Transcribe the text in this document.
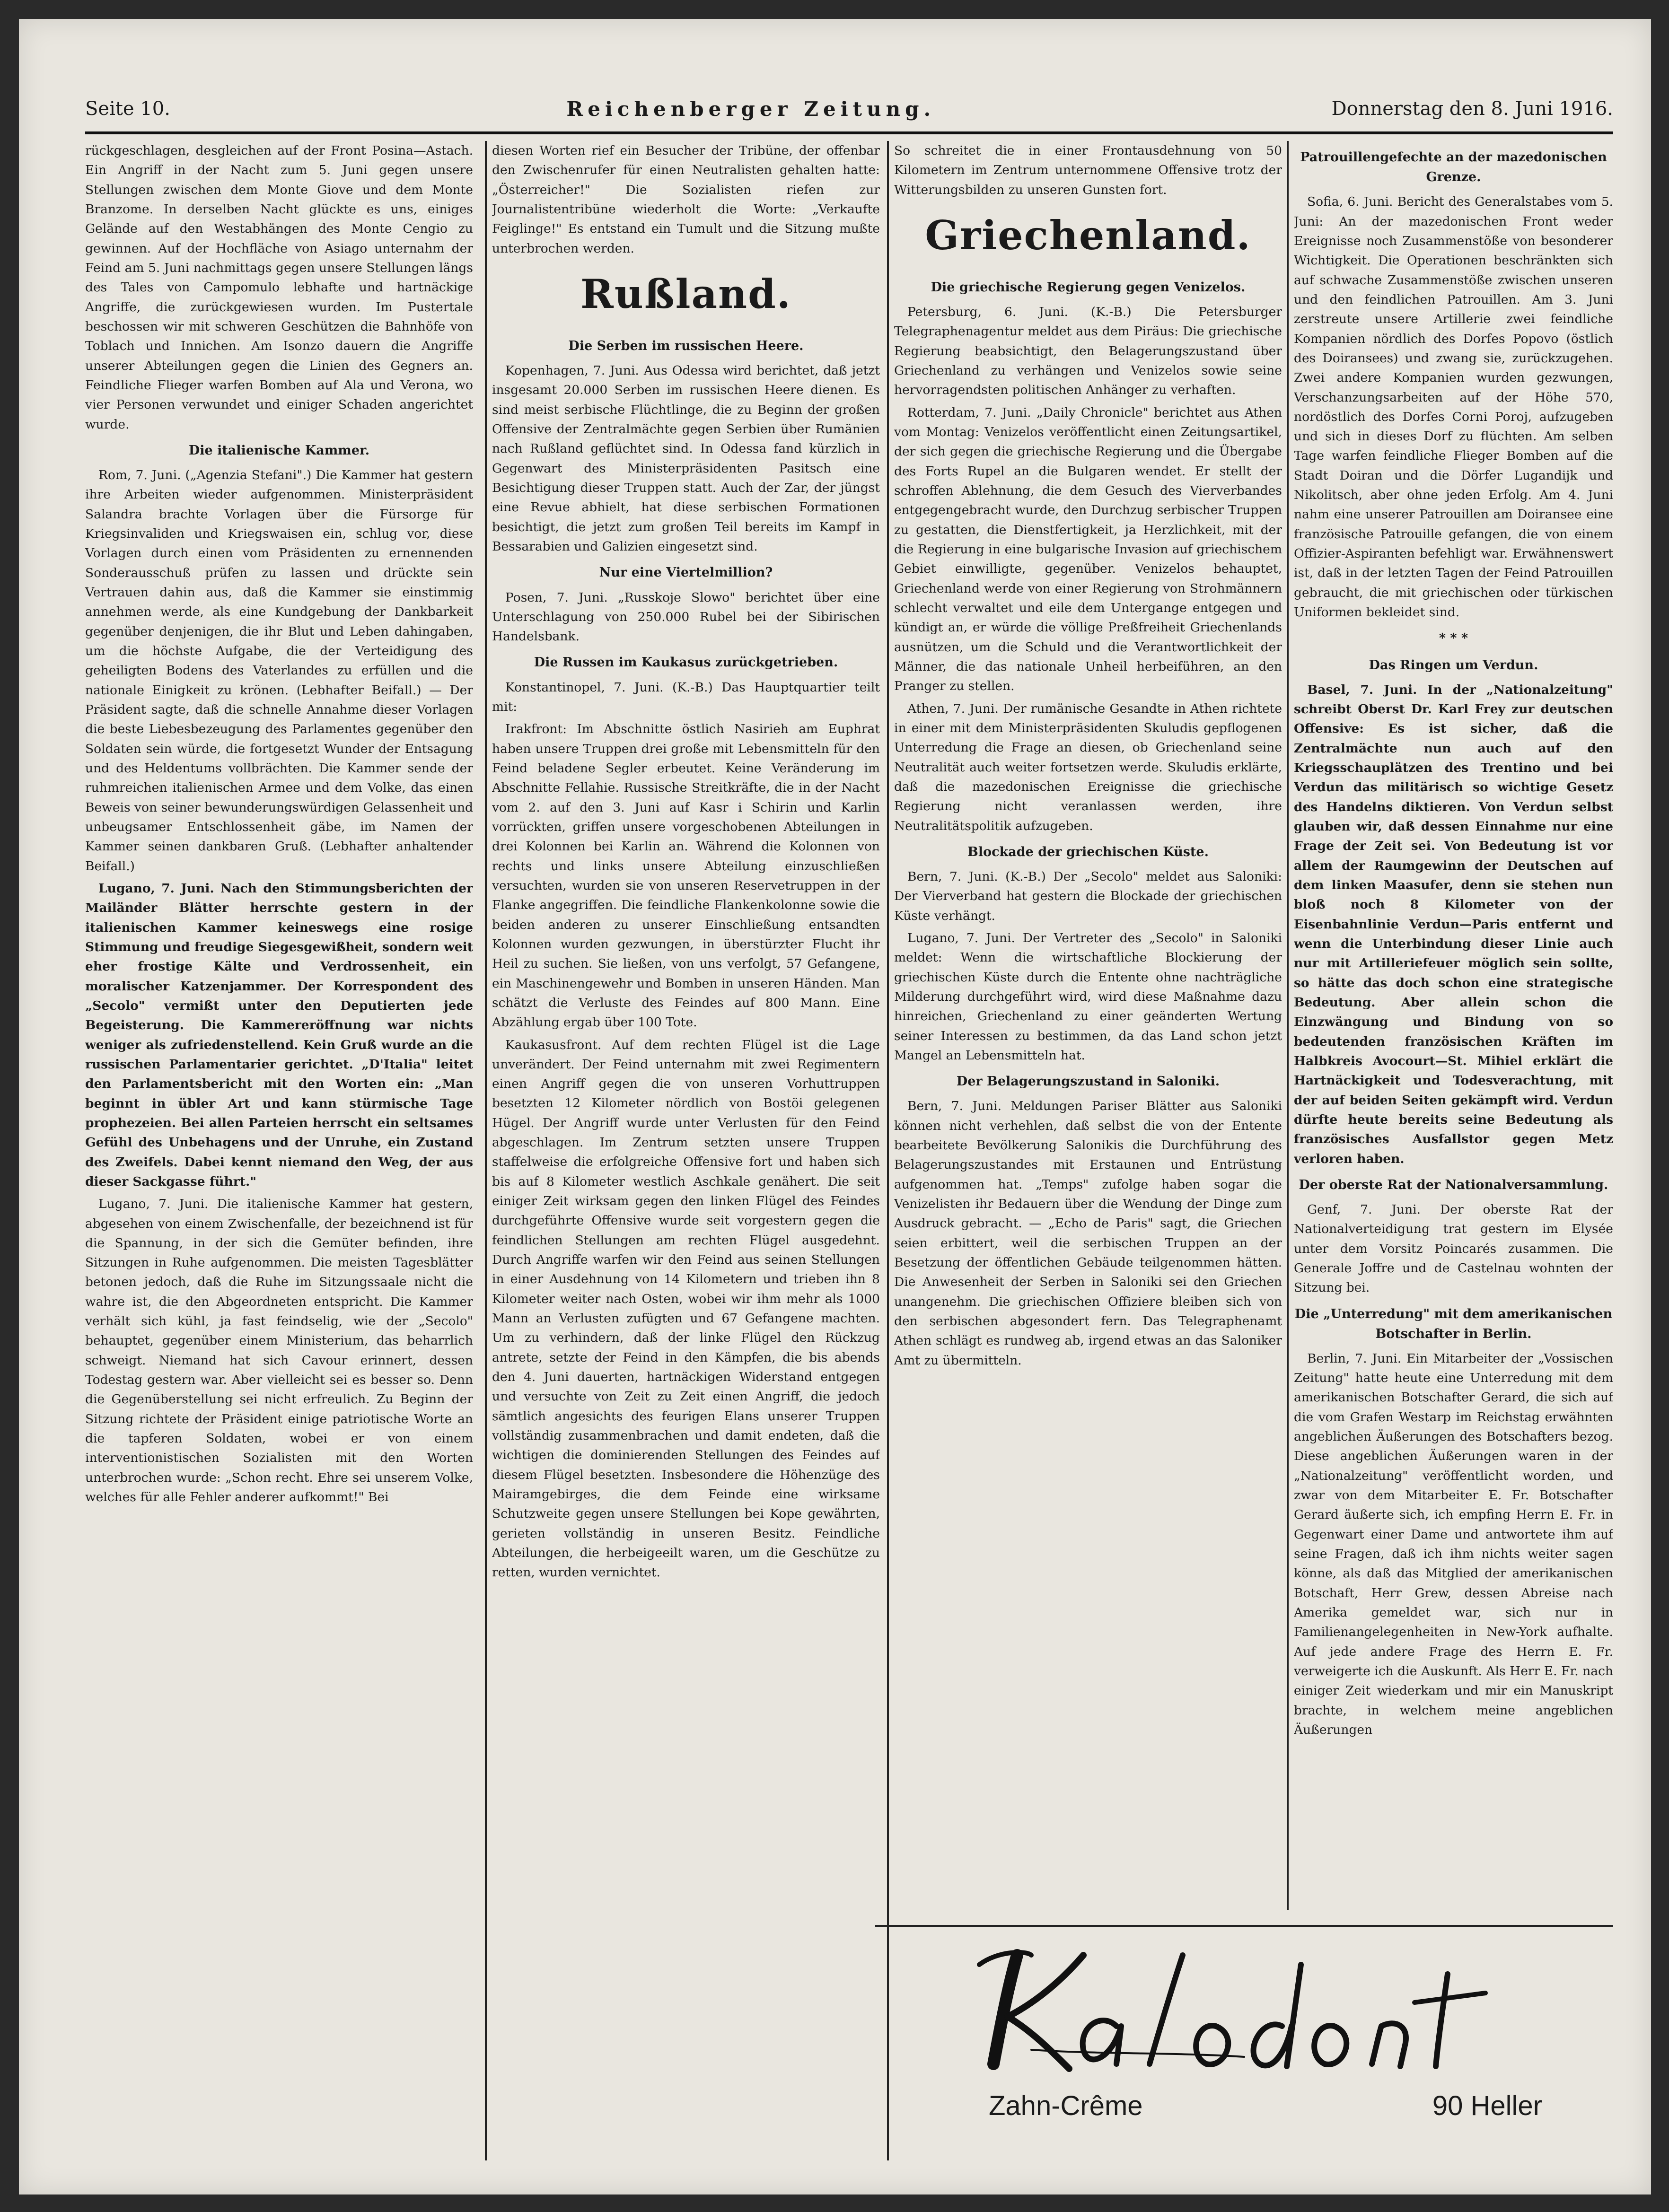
Seite 10.	Reichenberger Zeitung.	Donnerstag den 8. Juni 1916.

rückgeschlagen, desgleichen auf der Front Posina—Astach. Ein Angriff in der Nacht zum 5. Juni gegen unsere Stellungen zwischen dem Monte Giove und dem Monte Branzome. In derselben Nacht glückte es uns, einiges Gelände auf den Westabhängen des Monte Cengio zu gewinnen. Auf der Hochfläche von Asiago unternahm der Feind am 5. Juni nachmittags gegen unsere Stellungen längs des Tales von Campomulo lebhafte und hartnäckige Angriffe, die zurückgewiesen wurden. Im Pustertale beschossen wir mit schweren Geschützen die Bahnhöfe von Toblach und Innichen. Am Isonzo dauern die Angriffe unserer Abteilungen gegen die Linien des Gegners an. Feindliche Flieger warfen Bomben auf Ala und Verona, wo vier Personen verwundet und einiger Schaden angerichtet wurde.

Die italienische Kammer.

Rom, 7. Juni. („Agenzia Stefani".) Die Kammer hat gestern ihre Arbeiten wieder aufgenommen. Ministerpräsident Salandra brachte Vorlagen über die Fürsorge für Kriegsinvaliden und Kriegswaisen ein, schlug vor, diese Vorlagen durch einen vom Präsidenten zu ernennenden Sonderausschuß prüfen zu lassen und drückte sein Vertrauen dahin aus, daß die Kammer sie einstimmig annehmen werde, als eine Kundgebung der Dankbarkeit gegenüber denjenigen, die ihr Blut und Leben dahingaben, um die höchste Aufgabe, die der Verteidigung des geheiligten Bodens des Vaterlandes zu erfüllen und die nationale Einigkeit zu krönen. (Lebhafter Beifall.) — Der Präsident sagte, daß die schnelle Annahme dieser Vorlagen die beste Liebesbezeugung des Parlamentes gegenüber den Soldaten sein würde, die fortgesetzt Wunder der Entsagung und des Heldentums vollbrächten. Die Kammer sende der ruhmreichen italienischen Armee und dem Volke, das einen Beweis von seiner bewunderungswürdigen Gelassenheit und unbeugsamer Entschlossenheit gäbe, im Namen der Kammer seinen dankbaren Gruß. (Lebhafter anhaltender Beifall.)

Lugano, 7. Juni. Nach den Stimmungsberichten der Mailänder Blätter herrschte gestern in der italienischen Kammer keineswegs eine rosige Stimmung und freudige Siegesgewißheit, sondern weit eher frostige Kälte und Verdrossenheit, ein moralischer Katzenjammer. Der Korrespondent des „Secolo" vermißt unter den Deputierten jede Begeisterung. Die Kammereröffnung war nichts weniger als zufriedenstellend. Kein Gruß wurde an die russischen Parlamentarier gerichtet. „D'Italia" leitet den Parlamentsbericht mit den Worten ein: „Man beginnt in übler Art und kann stürmische Tage prophezeien. Bei allen Parteien herrscht ein seltsames Gefühl des Unbehagens und der Unruhe, ein Zustand des Zweifels. Dabei kennt niemand den Weg, der aus dieser Sackgasse führt."

Lugano, 7. Juni. Die italienische Kammer hat gestern, abgesehen von einem Zwischenfalle, der bezeichnend ist für die Spannung, in der sich die Gemüter befinden, ihre Sitzungen in Ruhe aufgenommen. Die meisten Tagesblätter betonen jedoch, daß die Ruhe im Sitzungssaale nicht die wahre ist, die den Abgeordneten entspricht. Die Kammer verhält sich kühl, ja fast feindselig, wie der „Secolo" behauptet, gegenüber einem Ministerium, das beharrlich schweigt. Niemand hat sich Cavour erinnert, dessen Todestag gestern war. Aber vielleicht sei es besser so. Denn die Gegenüberstellung sei nicht erfreulich. Zu Beginn der Sitzung richtete der Präsident einige patriotische Worte an die tapferen Soldaten, wobei er von einem interventionistischen Sozialisten mit den Worten unterbrochen wurde: „Schon recht. Ehre sei unserem Volke, welches für alle Fehler anderer aufkommt!" Bei

diesen Worten rief ein Besucher der Tribüne, der offenbar den Zwischenrufer für einen Neutralisten gehalten hatte: „Österreicher!" Die Sozialisten riefen zur Journalistentribüne wiederholt die Worte: „Verkaufte Feiglinge!" Es entstand ein Tumult und die Sitzung mußte unterbrochen werden.

Rußland.
Die Serben im russischen Heere.

Kopenhagen, 7. Juni. Aus Odessa wird berichtet, daß jetzt insgesamt 20.000 Serben im russischen Heere dienen. Es sind meist serbische Flüchtlinge, die zu Beginn der großen Offensive der Zentralmächte gegen Serbien über Rumänien nach Rußland geflüchtet sind. In Odessa fand kürzlich in Gegenwart des Ministerpräsidenten Pasitsch eine Besichtigung dieser Truppen statt. Auch der Zar, der jüngst eine Revue abhielt, hat diese serbischen Formationen besichtigt, die jetzt zum großen Teil bereits im Kampf in Bessarabien und Galizien eingesetzt sind.

Nur eine Viertelmillion?

Posen, 7. Juni. „Russkoje Slowo" berichtet über eine Unterschlagung von 250.000 Rubel bei der Sibirischen Handelsbank.

Die Russen im Kaukasus zurückgetrieben.

Konstantinopel, 7. Juni. (K.-B.) Das Hauptquartier teilt mit:

Irakfront: Im Abschnitte östlich Nasirieh am Euphrat haben unsere Truppen drei große mit Lebensmitteln für den Feind beladene Segler erbeutet. Keine Veränderung im Abschnitte Fellahie. Russische Streitkräfte, die in der Nacht vom 2. auf den 3. Juni auf Kasr i Schirin und Karlin vorrückten, griffen unsere vorgeschobenen Abteilungen in drei Kolonnen bei Karlin an. Während die Kolonnen von rechts und links unsere Abteilung einzuschließen versuchten, wurden sie von unseren Reservetruppen in der Flanke angegriffen. Die feindliche Flankenkolonne sowie die beiden anderen zu unserer Einschließung entsandten Kolonnen wurden gezwungen, in überstürzter Flucht ihr Heil zu suchen. Sie ließen, von uns verfolgt, 57 Gefangene, ein Maschinengewehr und Bomben in unseren Händen. Man schätzt die Verluste des Feindes auf 800 Mann. Eine Abzählung ergab über 100 Tote.

Kaukasusfront. Auf dem rechten Flügel ist die Lage unverändert. Der Feind unternahm mit zwei Regimentern einen Angriff gegen die von unseren Vorhuttruppen besetzten 12 Kilometer nördlich von Bostöi gelegenen Hügel. Der Angriff wurde unter Verlusten für den Feind abgeschlagen. Im Zentrum setzten unsere Truppen staffelweise die erfolgreiche Offensive fort und haben sich bis auf 8 Kilometer westlich Aschkale genähert. Die seit einiger Zeit wirksam gegen den linken Flügel des Feindes durchgeführte Offensive wurde seit vorgestern gegen die feindlichen Stellungen am rechten Flügel ausgedehnt. Durch Angriffe warfen wir den Feind aus seinen Stellungen in einer Ausdehnung von 14 Kilometern und trieben ihn 8 Kilometer weiter nach Osten, wobei wir ihm mehr als 1000 Mann an Verlusten zufügten und 67 Gefangene machten. Um zu verhindern, daß der linke Flügel den Rückzug antrete, setzte der Feind in den Kämpfen, die bis abends den 4. Juni dauerten, hartnäckigen Widerstand entgegen und versuchte von Zeit zu Zeit einen Angriff, die jedoch sämtlich angesichts des feurigen Elans unserer Truppen vollständig zusammenbrachen und damit endeten, daß die wichtigen die dominierenden Stellungen des Feindes auf diesem Flügel besetzten. Insbesondere die Höhenzüge des Mairamgebirges, die dem Feinde eine wirksame Schutzweite gegen unsere Stellungen bei Kope gewährten, gerieten vollständig in unseren Besitz. Feindliche Abteilungen, die herbeigeeilt waren, um die Geschütze zu retten, wurden vernichtet.

So schreitet die in einer Frontausdehnung von 50 Kilometern im Zentrum unternommene Offensive trotz der Witterungsbilden zu unseren Gunsten fort.

Griechenland.
Die griechische Regierung gegen Venizelos.

Petersburg, 6. Juni. (K.-B.) Die Petersburger Telegraphenagentur meldet aus dem Piräus: Die griechische Regierung beabsichtigt, den Belagerungszustand über Griechenland zu verhängen und Venizelos sowie seine hervorragendsten politischen Anhänger zu verhaften.

Rotterdam, 7. Juni. „Daily Chronicle" berichtet aus Athen vom Montag: Venizelos veröffentlicht einen Zeitungsartikel, der sich gegen die griechische Regierung und die Übergabe des Forts Rupel an die Bulgaren wendet. Er stellt der schroffen Ablehnung, die dem Gesuch des Vierverbandes entgegengebracht wurde, den Durchzug serbischer Truppen zu gestatten, die Dienstfertigkeit, ja Herzlichkeit, mit der die Regierung in eine bulgarische Invasion auf griechischem Gebiet einwilligte, gegenüber. Venizelos behauptet, Griechenland werde von einer Regierung von Strohmännern schlecht verwaltet und eile dem Untergange entgegen und kündigt an, er würde die völlige Preßfreiheit Griechenlands ausnützen, um die Schuld und die Verantwortlichkeit der Männer, die das nationale Unheil herbeiführen, an den Pranger zu stellen.

Athen, 7. Juni. Der rumänische Gesandte in Athen richtete in einer mit dem Ministerpräsidenten Skuludis gepflogenen Unterredung die Frage an diesen, ob Griechenland seine Neutralität auch weiter fortsetzen werde. Skuludis erklärte, daß die mazedonischen Ereignisse die griechische Regierung nicht veranlassen werden, ihre Neutralitätspolitik aufzugeben.

Blockade der griechischen Küste.

Bern, 7. Juni. (K.-B.) Der „Secolo" meldet aus Saloniki: Der Vierverband hat gestern die Blockade der griechischen Küste verhängt.

Lugano, 7. Juni. Der Vertreter des „Secolo" in Saloniki meldet: Wenn die wirtschaftliche Blockierung der griechischen Küste durch die Entente ohne nachträgliche Milderung durchgeführt wird, wird diese Maßnahme dazu hinreichen, Griechenland zu einer geänderten Wertung seiner Interessen zu bestimmen, da das Land schon jetzt Mangel an Lebensmitteln hat.

Der Belagerungszustand in Saloniki.

Bern, 7. Juni. Meldungen Pariser Blätter aus Saloniki können nicht verhehlen, daß selbst die von der Entente bearbeitete Bevölkerung Salonikis die Durchführung des Belagerungszustandes mit Erstaunen und Entrüstung aufgenommen hat. „Temps" zufolge haben sogar die Venizelisten ihr Bedauern über die Wendung der Dinge zum Ausdruck gebracht. — „Echo de Paris" sagt, die Griechen seien erbittert, weil die serbischen Truppen an der Besetzung der öffentlichen Gebäude teilgenommen hätten. Die Anwesenheit der Serben in Saloniki sei den Griechen unangenehm. Die griechischen Offiziere bleiben sich von den serbischen abgesondert fern. Das Telegraphenamt Athen schlägt es rundweg ab, irgend etwas an das Saloniker Amt zu übermitteln.

Patrouillengefechte an der mazedonischen Grenze.

Sofia, 6. Juni. Bericht des Generalstabes vom 5. Juni: An der mazedonischen Front weder Ereignisse noch Zusammenstöße von besonderer Wichtigkeit. Die Operationen beschränkten sich auf schwache Zusammenstöße zwischen unseren und den feindlichen Patrouillen. Am 3. Juni zerstreute unsere Artillerie zwei feindliche Kompanien nördlich des Dorfes Popovo (östlich des Doiransees) und zwang sie, zurückzugehen. Zwei andere Kompanien wurden gezwungen, Verschanzungsarbeiten auf der Höhe 570, nordöstlich des Dorfes Corni Poroj, aufzugeben und sich in dieses Dorf zu flüchten. Am selben Tage warfen feindliche Flieger Bomben auf die Stadt Doiran und die Dörfer Lugandijk und Nikolitsch, aber ohne jeden Erfolg. Am 4. Juni nahm eine unserer Patrouillen am Doiransee eine französische Patrouille gefangen, die von einem Offizier-Aspiranten befehligt war. Erwähnenswert ist, daß in der letzten Tagen der Feind Patrouillen gebraucht, die mit griechischen oder türkischen Uniformen bekleidet sind.

* * *
Das Ringen um Verdun.

Basel, 7. Juni. In der „Nationalzeitung" schreibt Oberst Dr. Karl Frey zur deutschen Offensive: Es ist sicher, daß die Zentralmächte nun auch auf den Kriegsschauplätzen des Trentino und bei Verdun das militärisch so wichtige Gesetz des Handelns diktieren. Von Verdun selbst glauben wir, daß dessen Einnahme nur eine Frage der Zeit sei. Von Bedeutung ist vor allem der Raumgewinn der Deutschen auf dem linken Maasufer, denn sie stehen nun bloß noch 8 Kilometer von der Eisenbahnlinie Verdun—Paris entfernt und wenn die Unterbindung dieser Linie auch nur mit Artilleriefeuer möglich sein sollte, so hätte das doch schon eine strategische Bedeutung. Aber allein schon die Einzwängung und Bindung von so bedeutenden französischen Kräften im Halbkreis Avocourt—St. Mihiel erklärt die Hartnäckigkeit und Todesverachtung, mit der auf beiden Seiten gekämpft wird. Verdun dürfte heute bereits seine Bedeutung als französisches Ausfallstor gegen Metz verloren haben.

Der oberste Rat der Nationalversammlung.

Genf, 7. Juni. Der oberste Rat der Nationalverteidigung trat gestern im Elysée unter dem Vorsitz Poincarés zusammen. Die Generale Joffre und de Castelnau wohnten der Sitzung bei.

Die „Unterredung" mit dem amerikanischen Botschafter in Berlin.

Berlin, 7. Juni. Ein Mitarbeiter der „Vossischen Zeitung" hatte heute eine Unterredung mit dem amerikanischen Botschafter Gerard, die sich auf die vom Grafen Westarp im Reichstag erwähnten angeblichen Äußerungen des Botschafters bezog. Diese angeblichen Äußerungen waren in der „Nationalzeitung" veröffentlicht worden, und zwar von dem Mitarbeiter E. Fr. Botschafter Gerard äußerte sich, ich empfing Herrn E. Fr. in Gegenwart einer Dame und antwortete ihm auf seine Fragen, daß ich ihm nichts weiter sagen könne, als daß das Mitglied der amerikanischen Botschaft, Herr Grew, dessen Abreise nach Amerika gemeldet war, sich nur in Familienangelegenheiten in New-York aufhalte. Auf jede andere Frage des Herrn E. Fr. verweigerte ich die Auskunft. Als Herr E. Fr. nach einiger Zeit wiederkam und mir ein Manuskript brachte, in welchem meine angeblichen Äußerungen

Zahn-Crême	90 Heller
